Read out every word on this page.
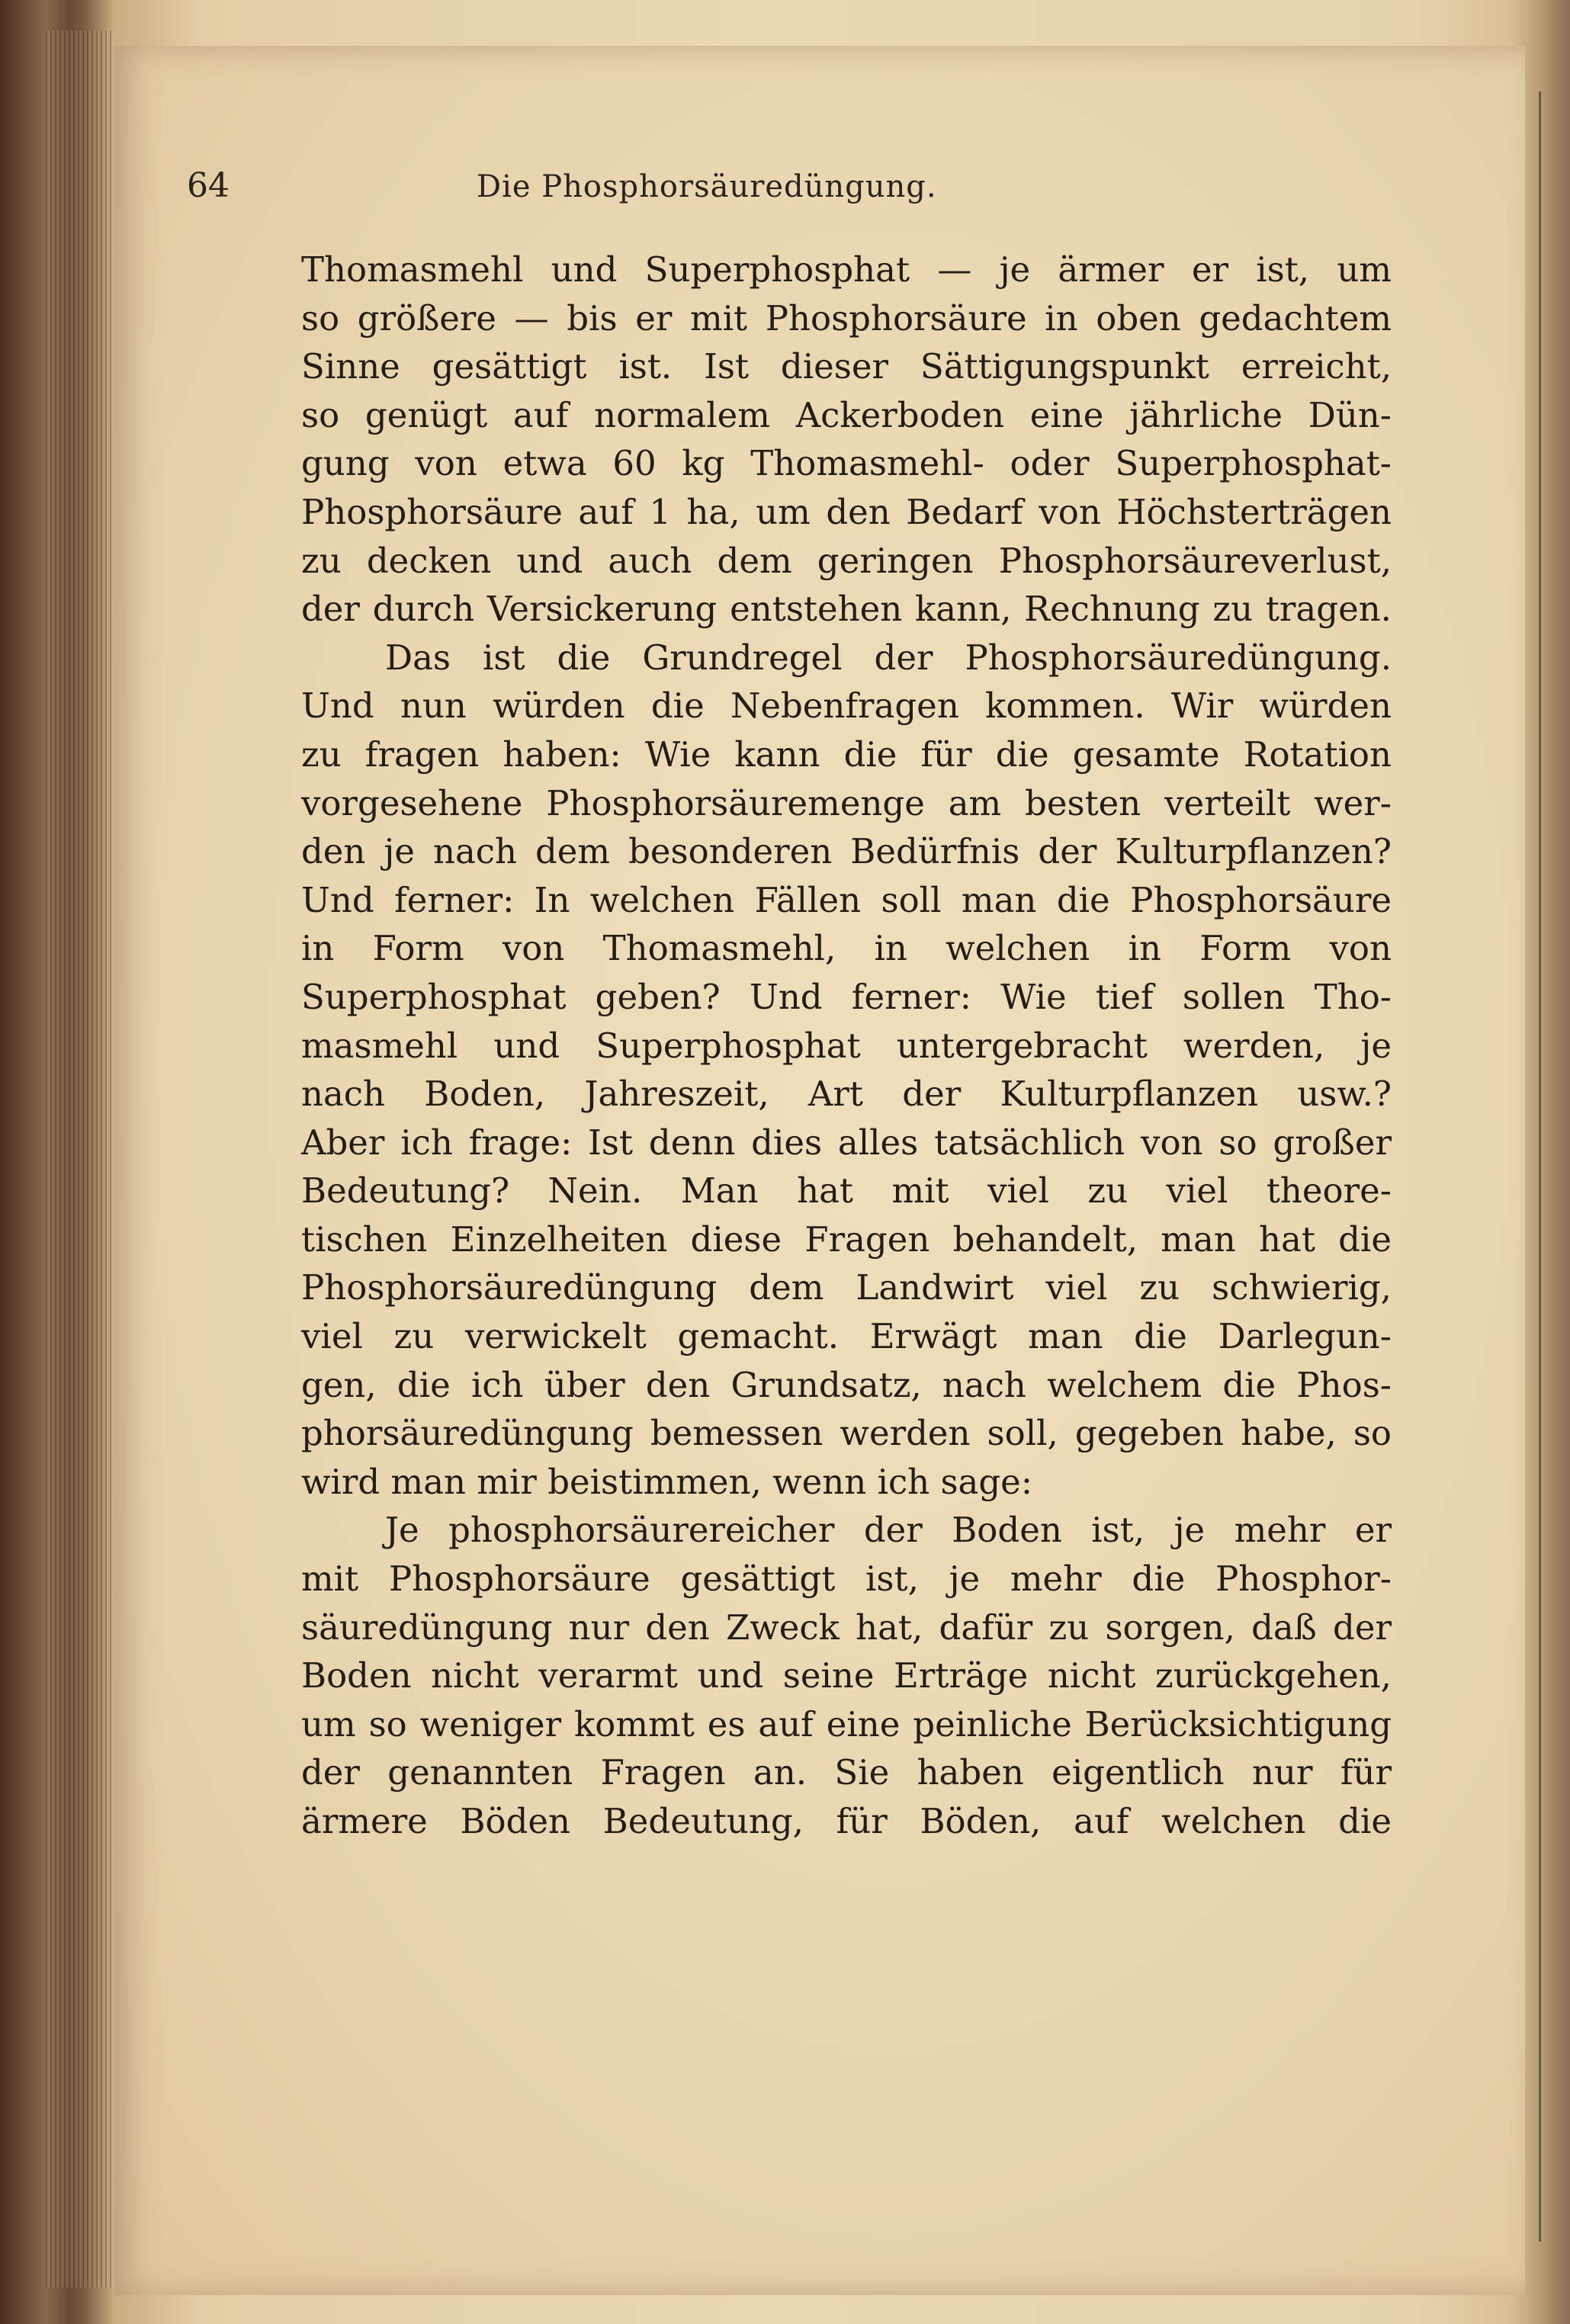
64	Die Phosphorsäuredüngung.
Thomasmehl und Superphosphat — je ärmer er ist, um
so größere — bis er mit Phosphorsäure in oben gedachtem
Sinne gesättigt ist. Ist dieser Sättigungspunkt erreicht,
so genügt auf normalem Ackerboden eine jährliche Dün-
gung von etwa 60 kg Thomasmehl- oder Superphosphat-
Phosphorsäure auf 1 ha, um den Bedarf von Höchsterträgen
zu decken und auch dem geringen Phosphorsäureverlust,
der durch Versickerung entstehen kann, Rechnung zu tragen.
Das ist die Grundregel der Phosphorsäuredüngung.
Und nun würden die Nebenfragen kommen. Wir würden
zu fragen haben: Wie kann die für die gesamte Rotation
vorgesehene Phosphorsäuremenge am besten verteilt wer-
den je nach dem besonderen Bedürfnis der Kulturpflanzen?
Und ferner: In welchen Fällen soll man die Phosphorsäure
in Form von Thomasmehl, in welchen in Form von
Superphosphat geben? Und ferner: Wie tief sollen Tho-
masmehl und Superphosphat untergebracht werden, je
nach Boden, Jahreszeit, Art der Kulturpflanzen usw.?
Aber ich frage: Ist denn dies alles tatsächlich von so großer
Bedeutung? Nein. Man hat mit viel zu viel theore-
tischen Einzelheiten diese Fragen behandelt, man hat die
Phosphorsäuredüngung dem Landwirt viel zu schwierig,
viel zu verwickelt gemacht. Erwägt man die Darlegun-
gen, die ich über den Grundsatz, nach welchem die Phos-
phorsäuredüngung bemessen werden soll, gegeben habe, so
wird man mir beistimmen, wenn ich sage:
Je phosphorsäurereicher der Boden ist, je mehr er
mit Phosphorsäure gesättigt ist, je mehr die Phosphor-
säuredüngung nur den Zweck hat, dafür zu sorgen, daß der
Boden nicht verarmt und seine Erträge nicht zurückgehen,
um so weniger kommt es auf eine peinliche Berücksichtigung
der genannten Fragen an. Sie haben eigentlich nur für
ärmere Böden Bedeutung, für Böden, auf welchen die
